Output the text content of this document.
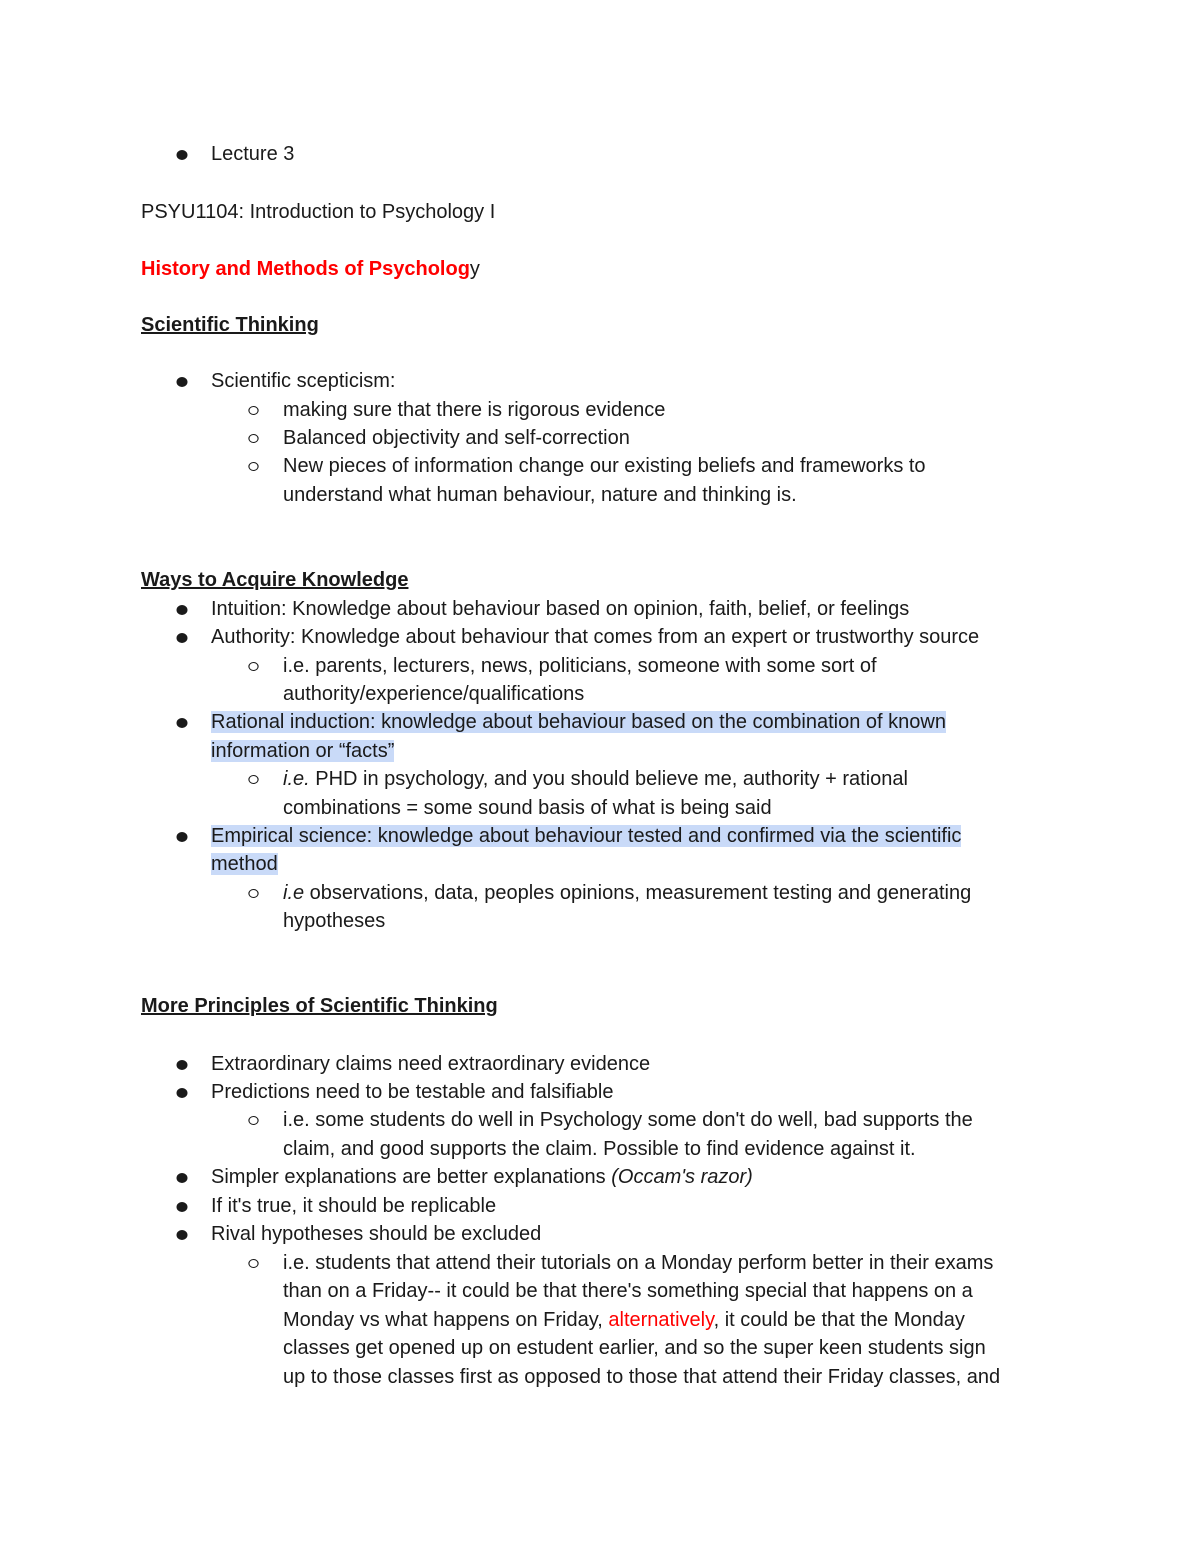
Lecture 3
PSYU1104: Introduction to Psychology I
History and Methods of Psychology
Scientific Thinking
Scientific scepticism:
making sure that there is rigorous evidence
Balanced objectivity and self-correction
New pieces of information change our existing beliefs and frameworks to
understand what human behaviour, nature and thinking is.
Ways to Acquire Knowledge
Intuition: Knowledge about behaviour based on opinion, faith, belief, or feelings
Authority: Knowledge about behaviour that comes from an expert or trustworthy source
i.e. parents, lecturers, news, politicians, someone with some sort of
authority/experience/qualifications
Rational induction: knowledge about behaviour based on the combination of known
information or “facts”
i.e. PHD in psychology, and you should believe me, authority + rational
combinations = some sound basis of what is being said
Empirical science: knowledge about behaviour tested and confirmed via the scientific
method
i.e observations, data, peoples opinions, measurement testing and generating
hypotheses
More Principles of Scientific Thinking
Extraordinary claims need extraordinary evidence
Predictions need to be testable and falsifiable
i.e. some students do well in Psychology some don't do well, bad supports the
claim, and good supports the claim. Possible to find evidence against it.
Simpler explanations are better explanations (Occam's razor)
If it's true, it should be replicable
Rival hypotheses should be excluded
i.e. students that attend their tutorials on a Monday perform better in their exams
than on a Friday-- it could be that there's something special that happens on a
Monday vs what happens on Friday, alternatively, it could be that the Monday
classes get opened up on estudent earlier, and so the super keen students sign
up to those classes first as opposed to those that attend their Friday classes, and
